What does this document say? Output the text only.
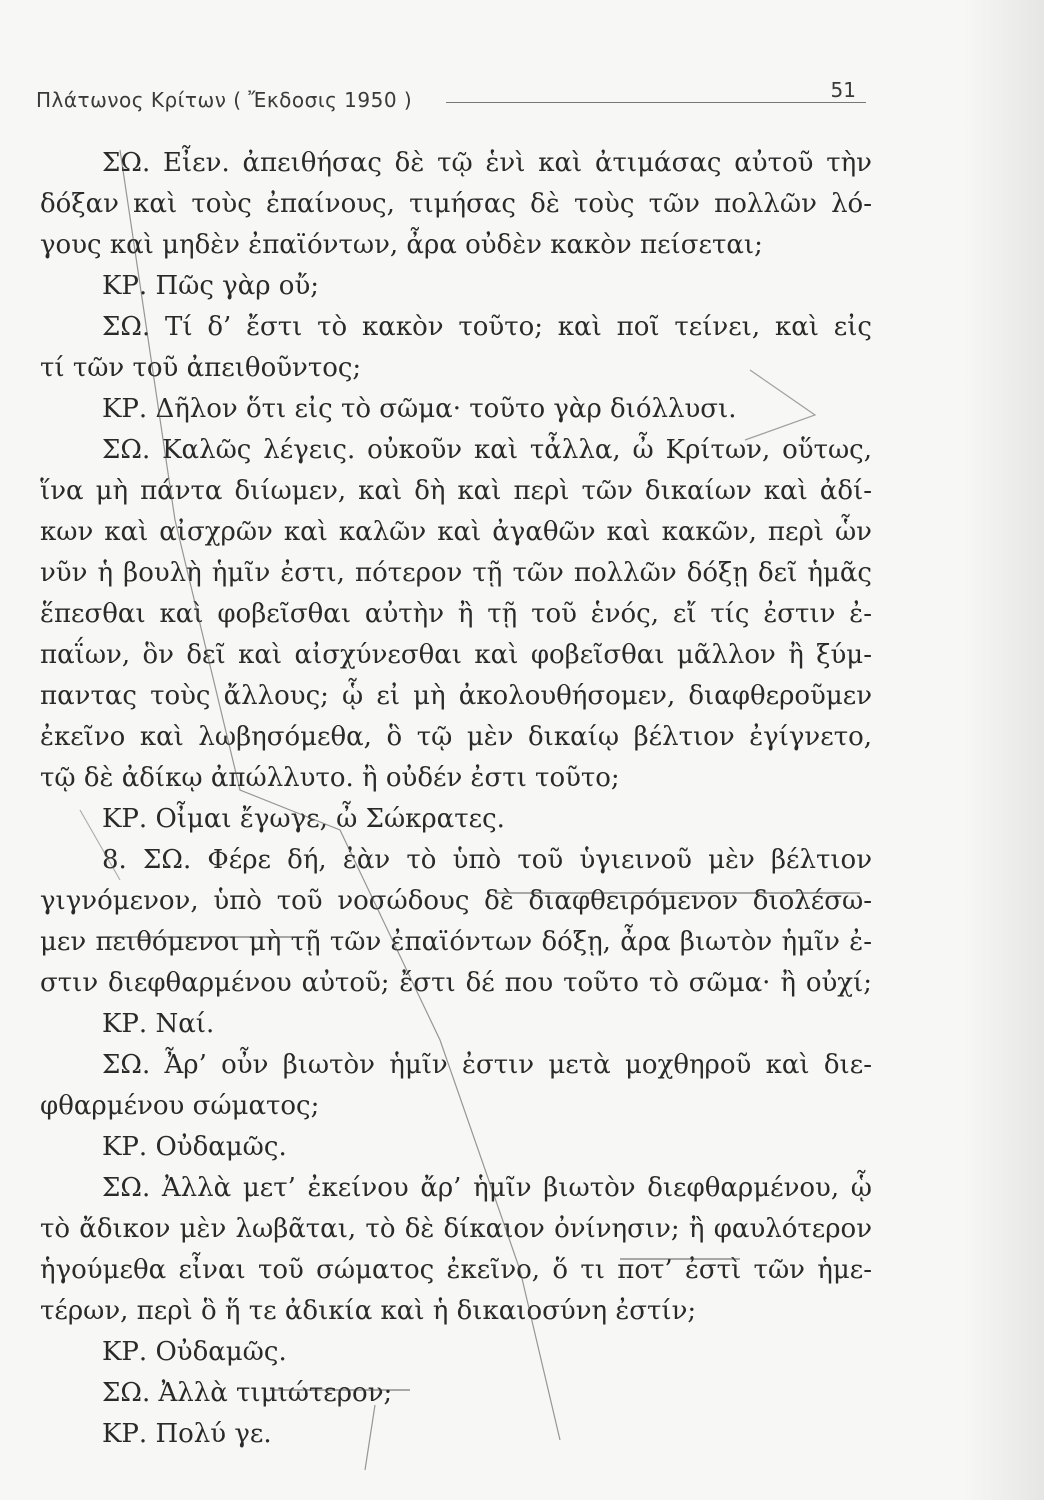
Πλάτωνος Κρίτων ( Ἔκδοσις 1950 )	51
ΣΩ. Εἶεν. ἀπειθήσας δὲ τῷ ἑνὶ καὶ ἀτιμάσας αὐτοῦ τὴν
δόξαν καὶ τοὺς ἐπαίνους, τιμήσας δὲ τοὺς τῶν πολλῶν λό-
γους καὶ μηδὲν ἐπαϊόντων, ἆρα οὐδὲν κακὸν πείσεται;
ΚΡ. Πῶς γὰρ οὔ;
ΣΩ. Τί δ’ ἔστι τὸ κακὸν τοῦτο; καὶ ποῖ τείνει, καὶ εἰς
τί τῶν τοῦ ἀπειθοῦντος;
ΚΡ. Δῆλον ὅτι εἰς τὸ σῶμα· τοῦτο γὰρ διόλλυσι.
ΣΩ. Καλῶς λέγεις. οὐκοῦν καὶ τἆλλα, ὦ Κρίτων, οὕτως,
ἵνα μὴ πάντα διίωμεν, καὶ δὴ καὶ περὶ τῶν δικαίων καὶ ἀδί-
κων καὶ αἰσχρῶν καὶ καλῶν καὶ ἀγαθῶν καὶ κακῶν, περὶ ὧν
νῦν ἡ βουλὴ ἡμῖν ἐστι, πότερον τῇ τῶν πολλῶν δόξῃ δεῖ ἡμᾶς
ἕπεσθαι καὶ φοβεῖσθαι αὐτὴν ἢ τῇ τοῦ ἑνός, εἴ τίς ἐστιν ἐ-
παΐων, ὃν δεῖ καὶ αἰσχύνεσθαι καὶ φοβεῖσθαι μᾶλλον ἢ ξύμ-
παντας τοὺς ἄλλους; ᾧ εἰ μὴ ἀκολουθήσομεν, διαφθεροῦμεν
ἐκεῖνο καὶ λωβησόμεθα, ὃ τῷ μὲν δικαίῳ βέλτιον ἐγίγνετο,
τῷ δὲ ἀδίκῳ ἀπώλλυτο. ἢ οὐδέν ἐστι τοῦτο;
ΚΡ. Οἶμαι ἔγωγε, ὦ Σώκρατες.
8. ΣΩ. Φέρε δή, ἐὰν τὸ ὑπὸ τοῦ ὑγιεινοῦ μὲν βέλτιον
γιγνόμενον, ὑπὸ τοῦ νοσώδους δὲ διαφθειρόμενον διολέσω-
μεν πειθόμενοι μὴ τῇ τῶν ἐπαϊόντων δόξῃ, ἆρα βιωτὸν ἡμῖν ἐ-
στιν διεφθαρμένου αὐτοῦ; ἔστι δέ που τοῦτο τὸ σῶμα· ἢ οὐχί;
ΚΡ. Ναί.
ΣΩ. Ἆρ’ οὖν βιωτὸν ἡμῖν ἐστιν μετὰ μοχθηροῦ καὶ διε-
φθαρμένου σώματος;
ΚΡ. Οὐδαμῶς.
ΣΩ. Ἀλλὰ μετ’ ἐκείνου ἄρ’ ἡμῖν βιωτὸν διεφθαρμένου, ᾧ
τὸ ἄδικον μὲν λωβᾶται, τὸ δὲ δίκαιον ὀνίνησιν; ἢ φαυλότερον
ἡγούμεθα εἶναι τοῦ σώματος ἐκεῖνο, ὅ τι ποτ’ ἐστὶ τῶν ἡμε-
τέρων, περὶ ὃ ἥ τε ἀδικία καὶ ἡ δικαιοσύνη ἐστίν;
ΚΡ. Οὐδαμῶς.
ΣΩ. Ἀλλὰ τιμιώτερον;
ΚΡ. Πολύ γε.
